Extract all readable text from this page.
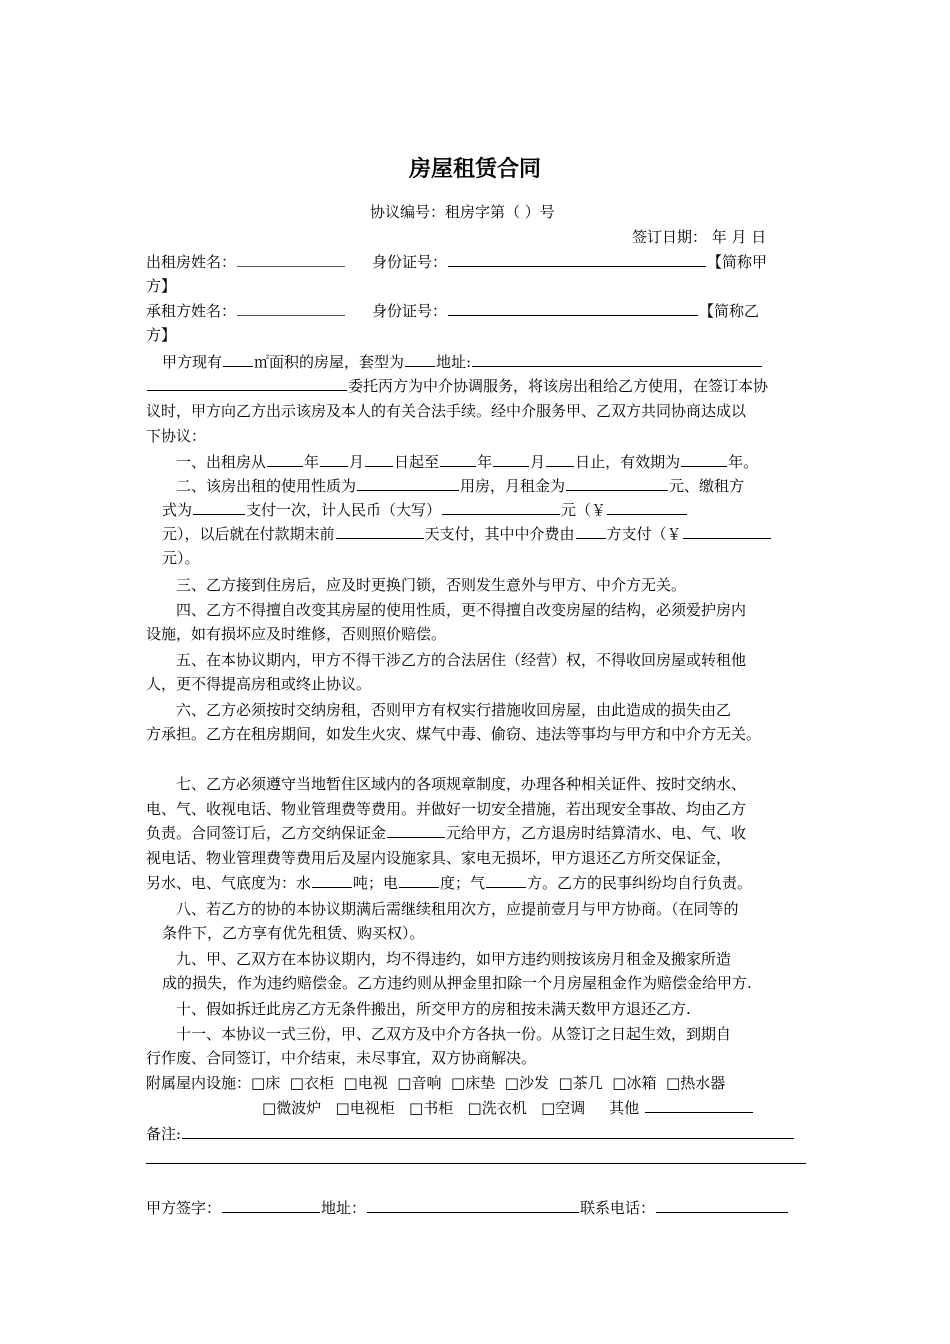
房屋租赁合同
协议编号：租房字第（ ）号
签订日期： 年 月 日
出租房姓名：	身份证号：	【简称甲
方】
承租方姓名：	身份证号：	【简称乙
方】
甲方现有 ㎡面积的房屋，套型为 地址:
委托丙方为中介协调服务，将该房出租给乙方使用，在签订本协
议时，甲方向乙方出示该房及本人的有关合法手续。经中介服务甲、乙双方共同协商达成以
下协议：
一、出租房从	年 月 日起至	年	月 日止，有效期为	年。
二、该房出租的使用性质为	用房，月租金为	元、缴租方
式为	支付一次，计人民币（大写）	元（￥
元），以后就在付款期末前	天支付，其中中介费由 方支付（￥
元）。
三、乙方接到住房后，应及时更换门锁，否则发生意外与甲方、中介方无关。
四、乙方不得擅自改变其房屋的使用性质，更不得擅自改变房屋的结构，必须爱护房内
设施，如有损坏应及时维修，否则照价赔偿。
五、在本协议期内，甲方不得干涉乙方的合法居住（经营）权，不得收回房屋或转租他
人，更不得提高房租或终止协议。
六、乙方必须按时交纳房租，否则甲方有权实行措施收回房屋，由此造成的损失由乙
方承担。乙方在租房期间，如发生火灾、煤气中毒、偷窃、违法等事均与甲方和中介方无关。
七、乙方必须遵守当地暂住区域内的各项规章制度，办理各种相关证件、按时交纳水、
电、气、收视电话、物业管理费等费用。并做好一切安全措施，若出现安全事故、均由乙方
负责。合同签订后，乙方交纳保证金	元给甲方，乙方退房时结算清水、电、气、收
视电话、物业管理费等费用后及屋内设施家具、家电无损坏，甲方退还乙方所交保证金，
另水、电、气底度为：水	吨；电	度；气	方。乙方的民事纠纷均自行负责。
八、若乙方的协的本协议期满后需继续租用次方，应提前壹月与甲方协商。（在同等的
条件下，乙方享有优先租赁、购买权）。
九、甲、乙双方在本协议期内，均不得违约，如甲方违约则按该房月租金及搬家所造
成的损失，作为违约赔偿金。乙方违约则从押金里扣除一个月房屋租金作为赔偿金给甲方.
十、假如拆迁此房乙方无条件搬出，所交甲方的房租按未满天数甲方退还乙方.
十一、本协议一式三份，甲、乙双方及中介方各执一份。从签订之日起生效，到期自
行作废、合同签订，中介结束，未尽事宜，双方协商解决。
附属屋内设施： □ 床 □ 衣柜 □ 电视 □ 音响 □ 床垫 □ 沙发 □ 茶几 □ 冰箱 □ 热水器
□ 微波炉 □ 电视柜 □ 书柜 □ 洗衣机 □ 空调 其他
备注:
甲方签字：	地址：	联系电话：
